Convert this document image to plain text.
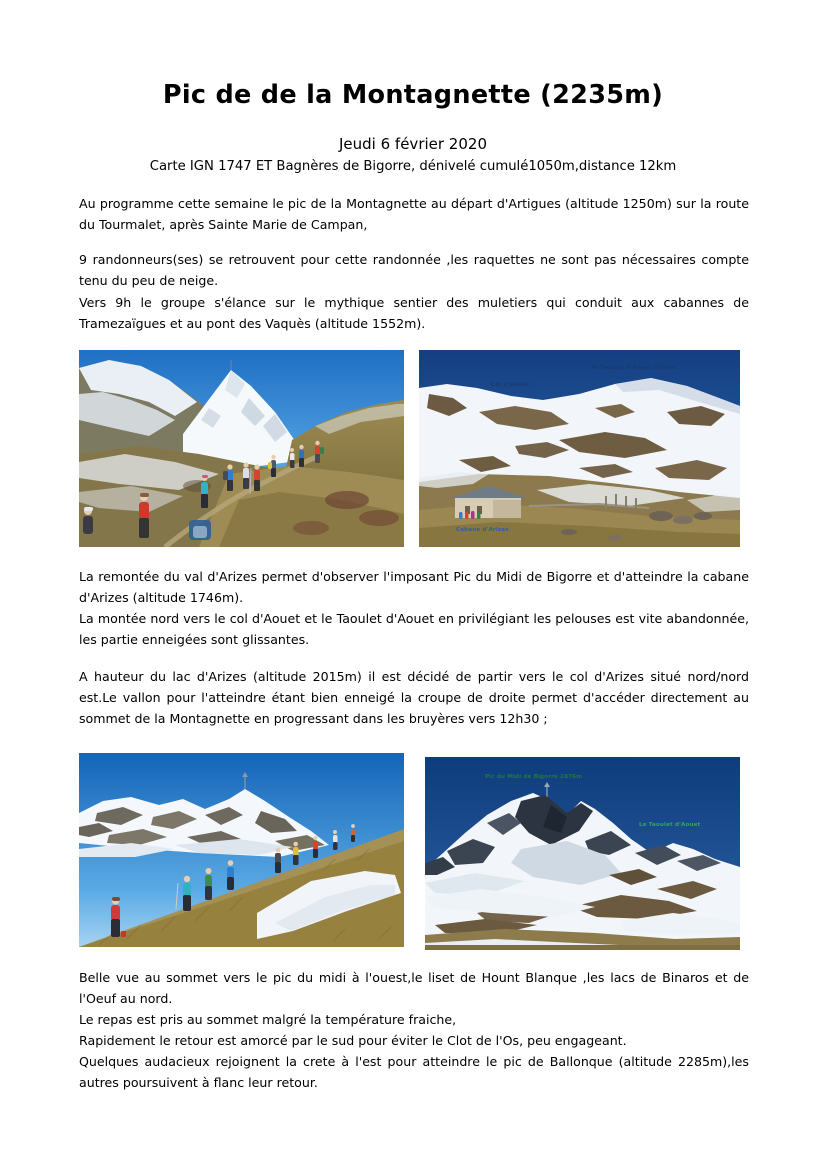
Pic de de la Montagnette (2235m)
Jeudi 6 février 2020
Carte IGN 1747 ET Bagnères de Bigorre, dénivelé cumulé1050m,distance 12km
Au programme cette semaine le pic de la Montagnette au départ d'Artigues (altitude 1250m) sur la route du Tourmalet, après Sainte Marie de Campan,
9 randonneurs(ses) se retrouvent pour cette randonnée ,les raquettes ne sont pas nécessaires compte tenu du peu de neige.
Vers 9h le groupe s'élance sur le mythique sentier des muletiers qui conduit aux cabannes de Tramezaïgues et au pont des Vaquès (altitude 1552m).
le Taoulet d'Aouet 2293m
Col d'Aouet
Cabane d'Arizes
La remontée du val d'Arizes permet d'observer l'imposant Pic du Midi de Bigorre et d'atteindre la cabane d'Arizes (altitude 1746m).
La montée nord vers le col d'Aouet et le Taoulet d'Aouet en privilégiant les pelouses est vite abandonnée, les partie enneigées sont glissantes.
A hauteur du lac d'Arizes (altitude 2015m) il est décidé de partir vers le col d'Arizes situé nord/nord est.Le vallon pour l'atteindre étant bien enneigé la croupe de droite permet d'accéder directement au sommet de la Montagnette en progressant dans les bruyères vers 12h30 ;
Pic du Midi de Bigorre 2876m
Le Taoulet d'Aouet
Belle vue au sommet vers le pic du midi à l'ouest,le liset de Hount Blanque ,les lacs de Binaros et de l'Oeuf au nord.
Le repas est pris au sommet malgré la température fraiche,
Rapidement le retour est amorcé par le sud pour éviter le Clot de l'Os, peu engageant.
Quelques audacieux rejoignent la crete à l'est pour atteindre le pic de Ballonque (altitude 2285m),les autres poursuivent à flanc leur retour.
